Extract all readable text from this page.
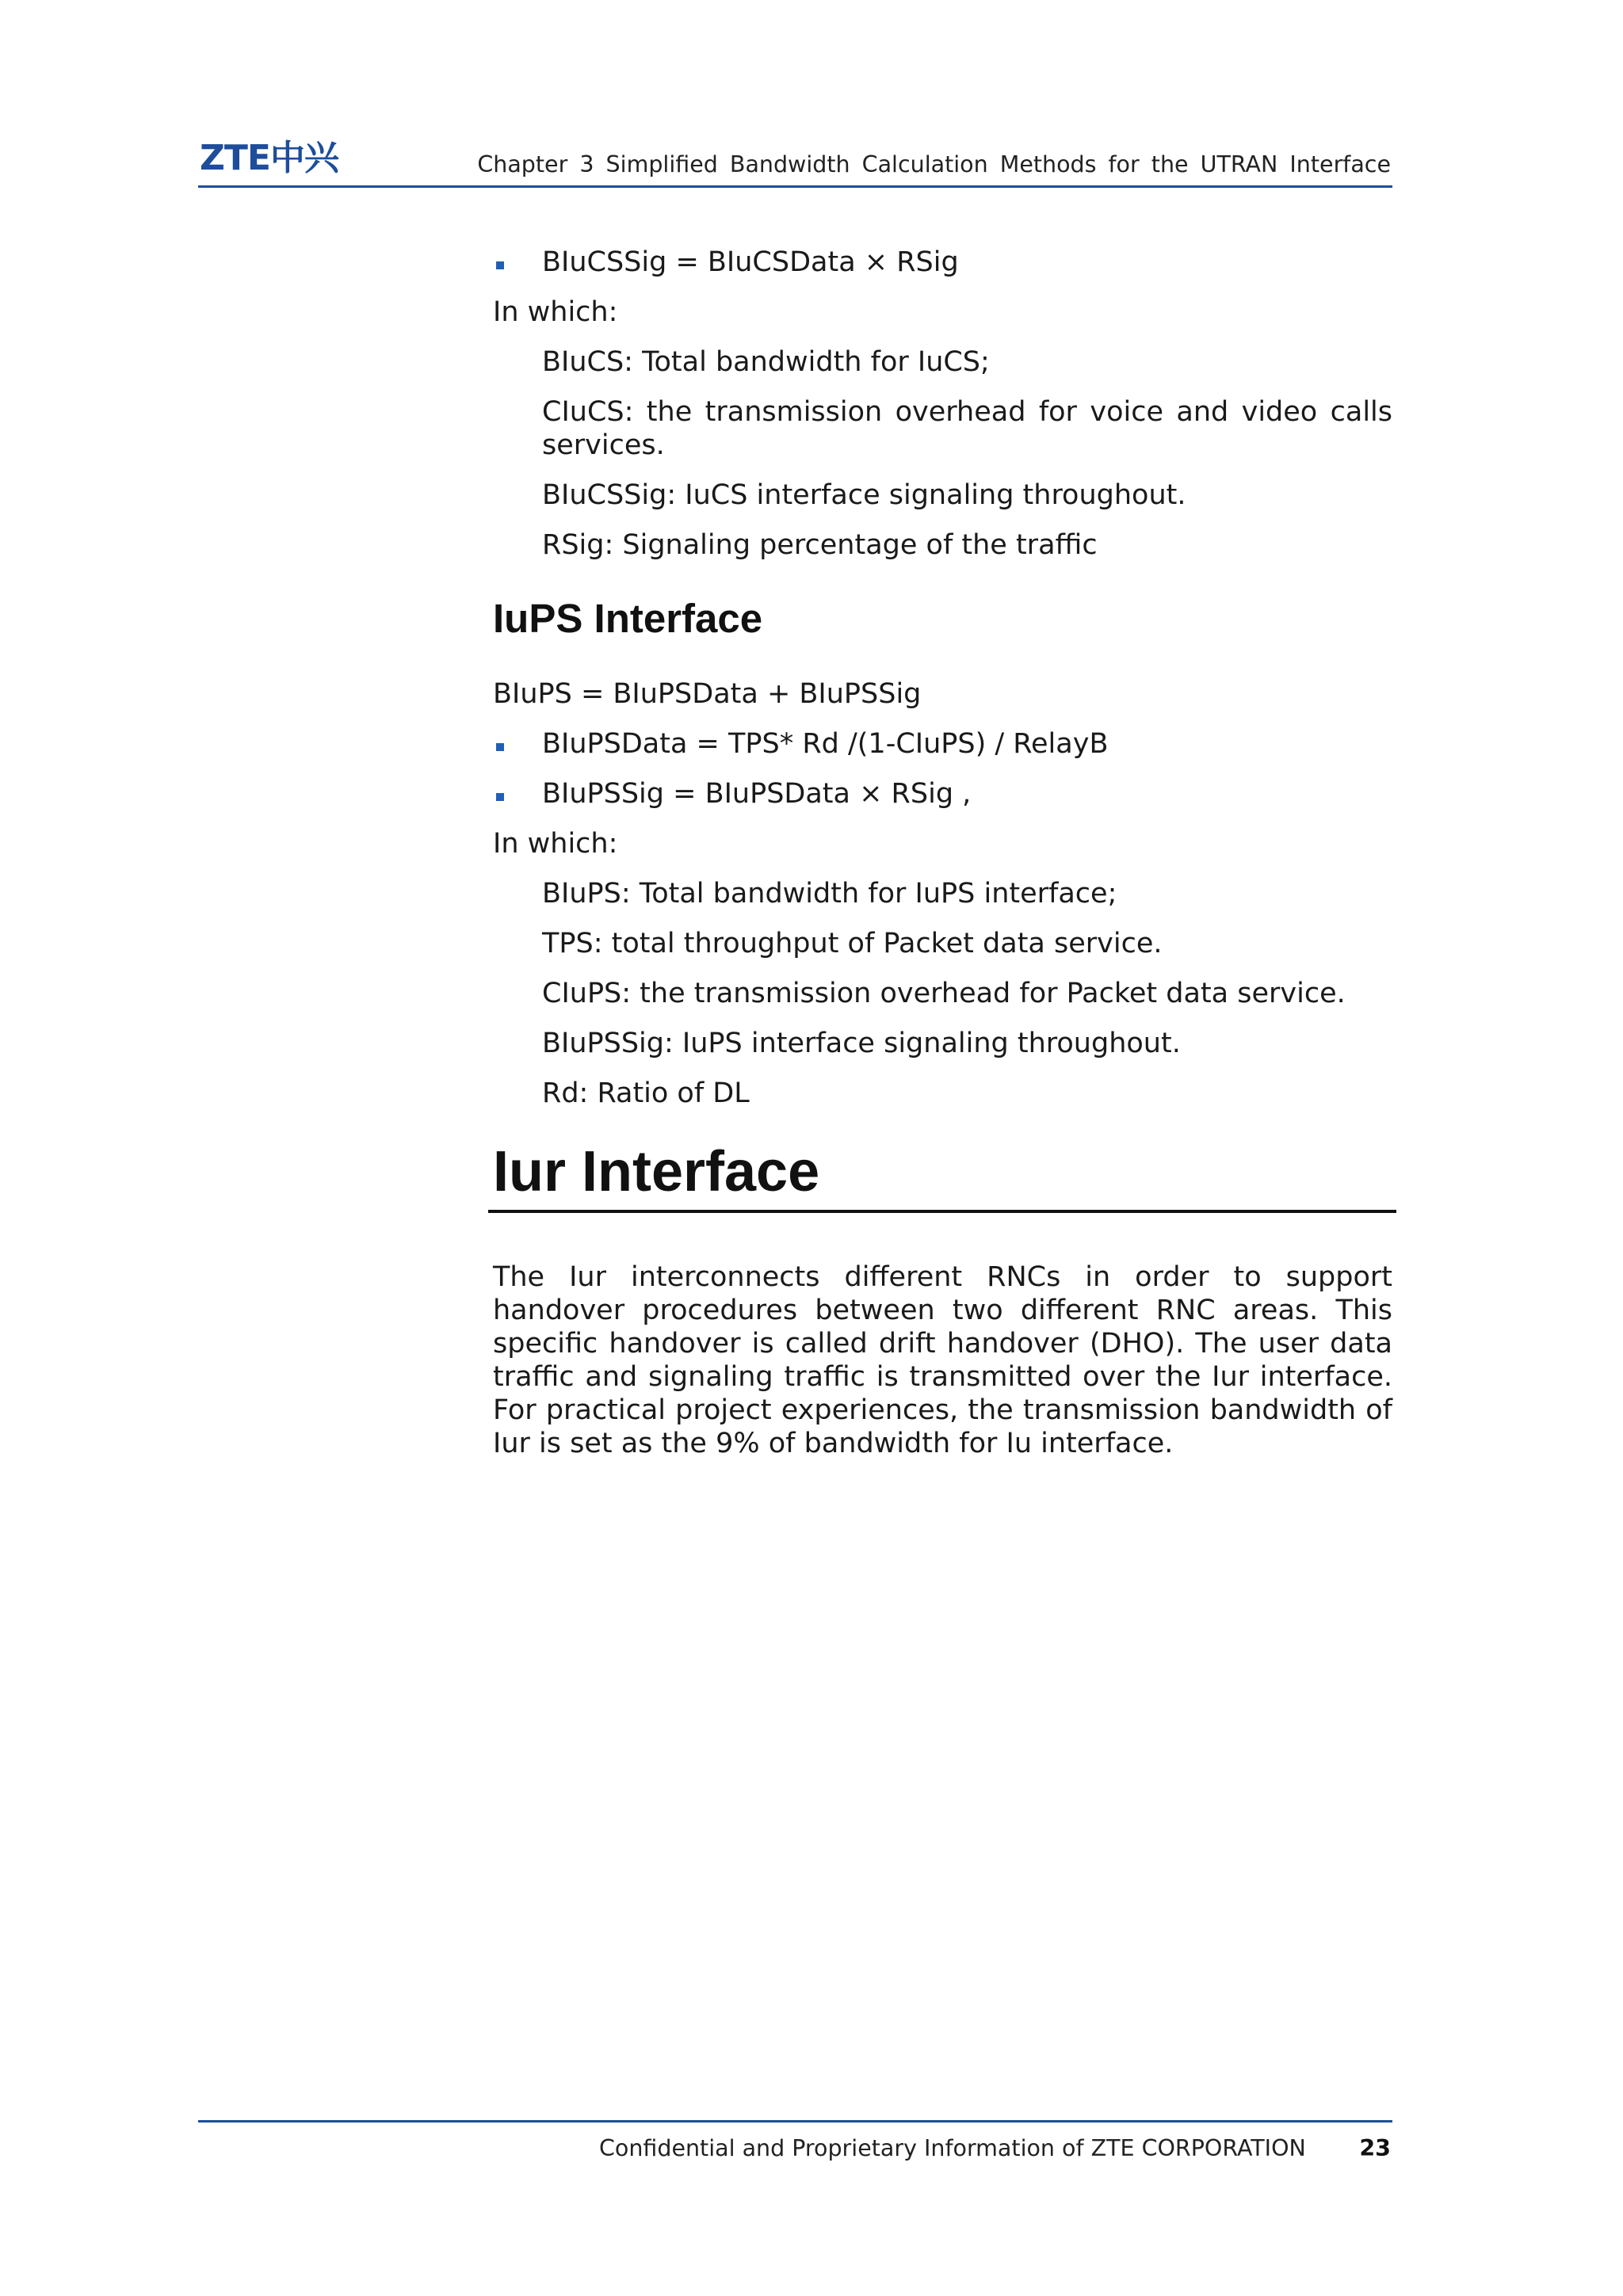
ZTE中兴	Chapter 3 Simplified Bandwidth Calculation Methods for the UTRAN Interface

BIuCSSig = BIuCSData × RSig

In which:

BIuCS: Total bandwidth for IuCS;

CIuCS: the transmission overhead for voice and video calls services.

BIuCSSig: IuCS interface signaling throughout.

RSig: Signaling percentage of the traffic

IuPS Interface

BIuPS = BIuPSData + BIuPSSig

BIuPSData = TPS* Rd /(1-CIuPS) / RelayB

BIuPSSig = BIuPSData × RSig ,

In which:

BIuPS: Total bandwidth for IuPS interface;

TPS: total throughput of Packet data service.

CIuPS: the transmission overhead for Packet data service.

BIuPSSig: IuPS interface signaling throughout.

Rd: Ratio of DL

Iur Interface

The Iur interconnects different RNCs in order to support handover procedures between two different RNC areas. This specific handover is called drift handover (DHO). The user data traffic and signaling traffic is transmitted over the Iur interface. For practical project experiences, the transmission bandwidth of Iur is set as the 9% of bandwidth for Iu interface.

Confidential and Proprietary Information of ZTE CORPORATION 23
